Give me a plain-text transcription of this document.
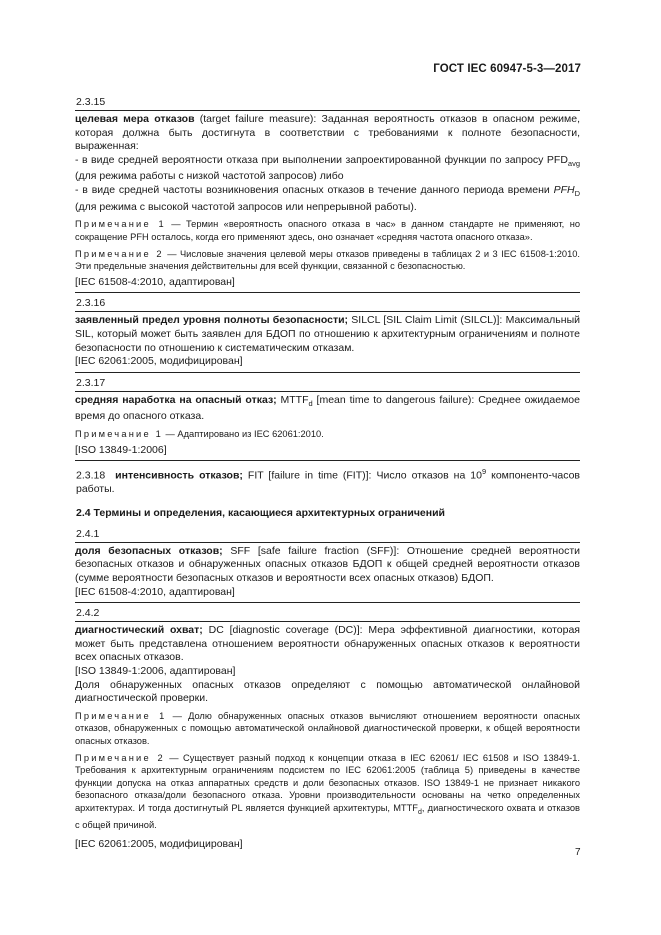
ГОСТ IEC 60947-5-3—2017
2.3.15

целевая мера отказов (target failure measure): Заданная вероятность отказов в опасном режиме, которая должна быть достигнута в соответствии с требованиями к полноте безопасности, выраженная:

- в виде средней вероятности отказа при выполнении запроектированной функции по запросу $PFD_{avg}$ (для режима работы с низкой частотой запросов) либо

- в виде средней частоты возникновения опасных отказов в течение данного периода времени $PFH_D$ (для режима с высокой частотой запросов или непрерывной работы).

Примечание 1 — Термин «вероятность опасного отказа в час» в данном стандарте не применяют, но сокращение PFH осталось, когда его применяют здесь, оно означает «средняя частота опасного отказа».
Примечание 2 — Числовые значения целевой меры отказов приведены в таблицах 2 и 3 IEC 61508-1:2010. Эти предельные значения действительны для всей функции, связанной с безопасностью.
[IEC 61508-4:2010, адаптирован]
2.3.16

заявленный предел уровня полноты безопасности; SILCL [SIL Claim Limit (SILCL)]: Максимальный SIL, который может быть заявлен для БДОП по отношению к архитектурным ограничениям и полноте безопасности по отношению к систематическим отказам.

[IEC 62061:2005, модифицирован]
2.3.17

средняя наработка на опасный отказ; $MTTF_d$ [mean time to dangerous failure): Среднее ожидаемое время до опасного отказа.

Примечание 1 — Адаптировано из IEC 62061:2010.
[ISO 13849-1:2006]

2.3.18 интенсивность отказов; FIT [failure in time (FIT)]: Число отказов на $10^9$ компоненто-часов работы.

2.4 Термины и определения, касающиеся архитектурных ограничений
2.4.1

доля безопасных отказов; SFF [safe failure fraction (SFF)]: Отношение средней вероятности безопасных отказов и обнаруженных опасных отказов БДОП к общей средней вероятности отказов (сумме вероятности безопасных отказов и вероятности всех опасных отказов) БДОП.

[IEC 61508-4:2010, адаптирован]
2.4.2

диагностический охват; DC [diagnostic coverage (DC)]: Мера эффективной диагностики, которая может быть представлена отношением вероятности обнаруженных опасных отказов к вероятности всех опасных отказов.

[ISO 13849-1:2006, адаптирован]

Доля обнаруженных опасных отказов определяют с помощью автоматической онлайновой диагностической проверки.

Примечание 1 — Долю обнаруженных опасных отказов вычисляют отношением вероятности опасных отказов, обнаруженных с помощью автоматической онлайновой диагностической проверки, к общей вероятности опасных отказов.
Примечание 2 — Существует разный подход к концепции отказа в IEC 62061/ IEC 61508 и ISO 13849-1. Требования к архитектурным ограничениям подсистем по IEC 62061:2005 (таблица 5) приведены в качестве функции допуска на отказ аппаратных средств и доли безопасных отказов. ISO 13849-1 не признает никакого безопасного отказа/доли безопасного отказа. Уровни производительности основаны на четко определенных архитектурах. И тогда достигнутый PL является функцией архитектуры, $MTTF_d$, диагностического охвата и отказов с общей причиной.
[IEC 62061:2005, модифицирован]
7
